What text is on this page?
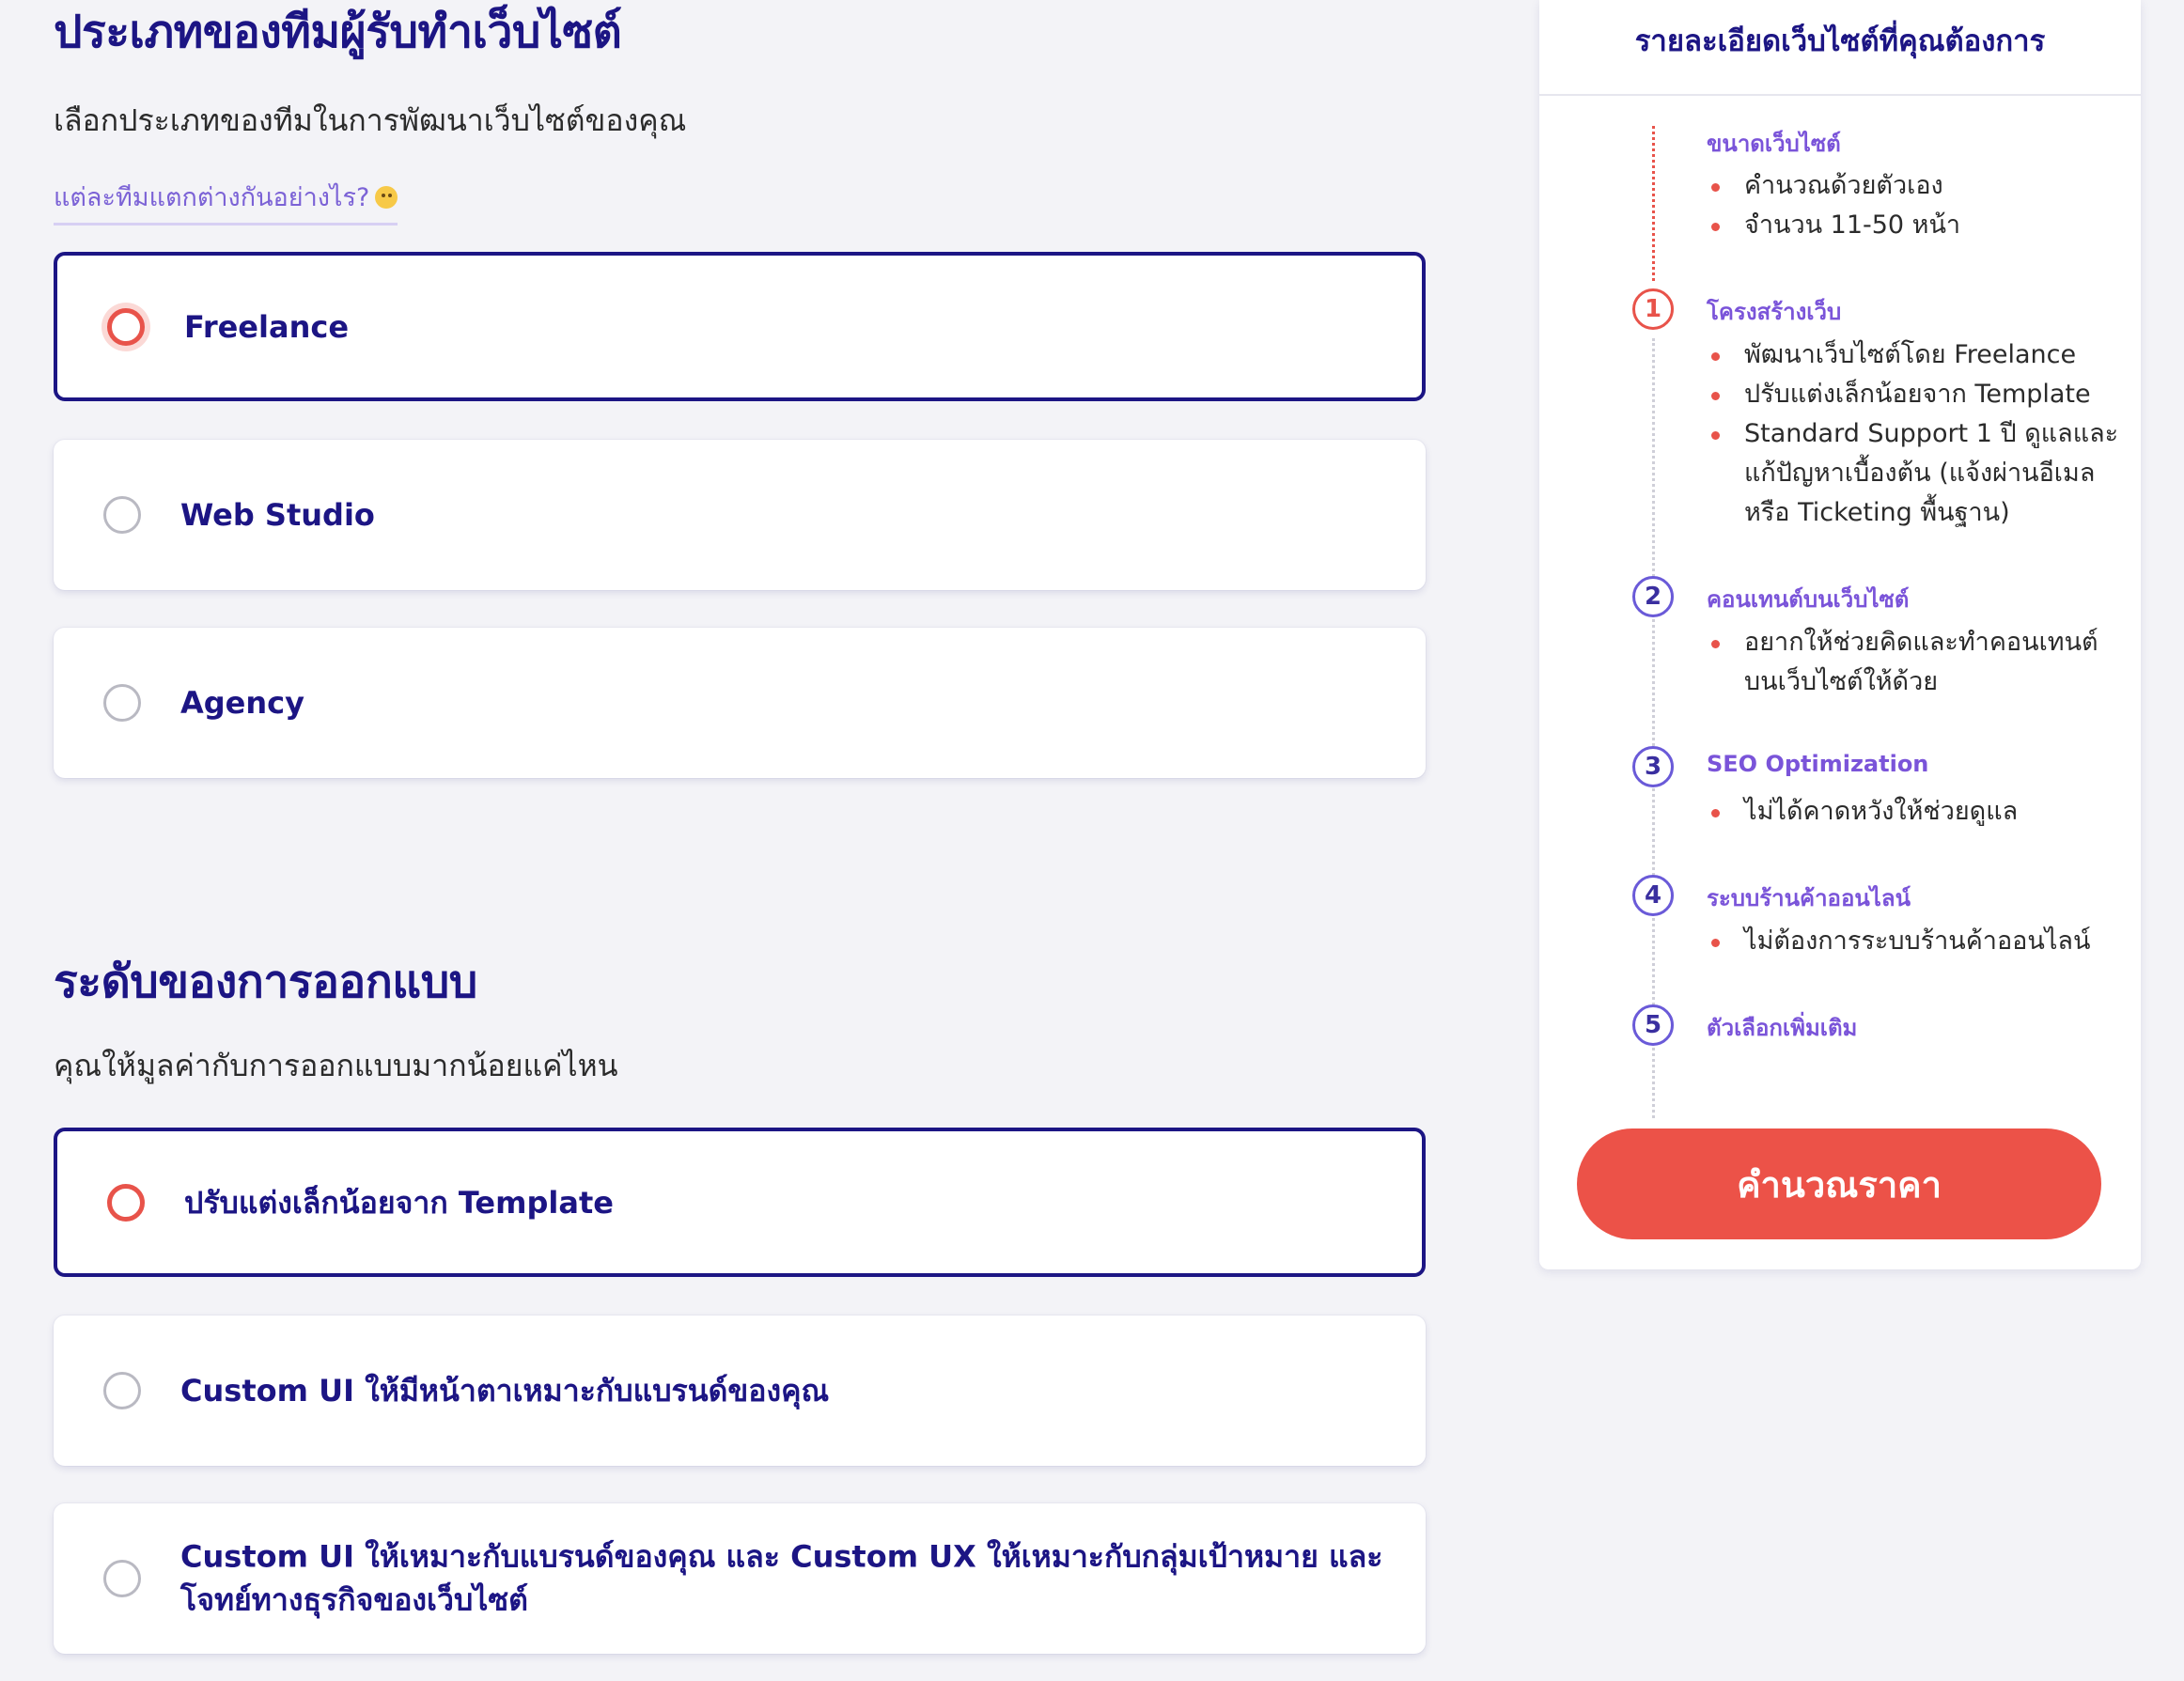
ประเภทของทีมผู้รับทำเว็บไซต์

เลือกประเภทของทีมในการพัฒนาเว็บไซต์ของคุณ

แต่ละทีมแตกต่างกันอย่างไร?
Freelance
Web Studio
Agency
ระดับของการออกแบบ

คุณให้มูลค่ากับการออกแบบมากน้อยแค่ไหน

ปรับแต่งเล็กน้อยจาก Template
Custom UI ให้มีหน้าตาเหมาะกับแบรนด์ของคุณ
Custom UI ให้เหมาะกับแบรนด์ของคุณ และ Custom UX ให้เหมาะกับกลุ่มเป้าหมาย และโจทย์ทางธุรกิจของเว็บไซต์
รายละเอียดเว็บไซต์ที่คุณต้องการ
ขนาดเว็บไซต์
คำนวณด้วยตัวเอง
จำนวน 11-50 หน้า
1	โครงสร้างเว็บ
พัฒนาเว็บไซต์โดย Freelance
ปรับแต่งเล็กน้อยจาก Template
Standard Support 1 ปี ดูแลและแก้ปัญหาเบื้องต้น (แจ้งผ่านอีเมลหรือ Ticketing พื้นฐาน)
2	คอนเทนต์บนเว็บไซต์
อยากให้ช่วยคิดและทำคอนเทนต์บนเว็บไซต์ให้ด้วย
3	SEO Optimization
ไม่ได้คาดหวังให้ช่วยดูแล
4	ระบบร้านค้าออนไลน์
ไม่ต้องการระบบร้านค้าออนไลน์
5	ตัวเลือกเพิ่มเติม
คำนวณราคา
